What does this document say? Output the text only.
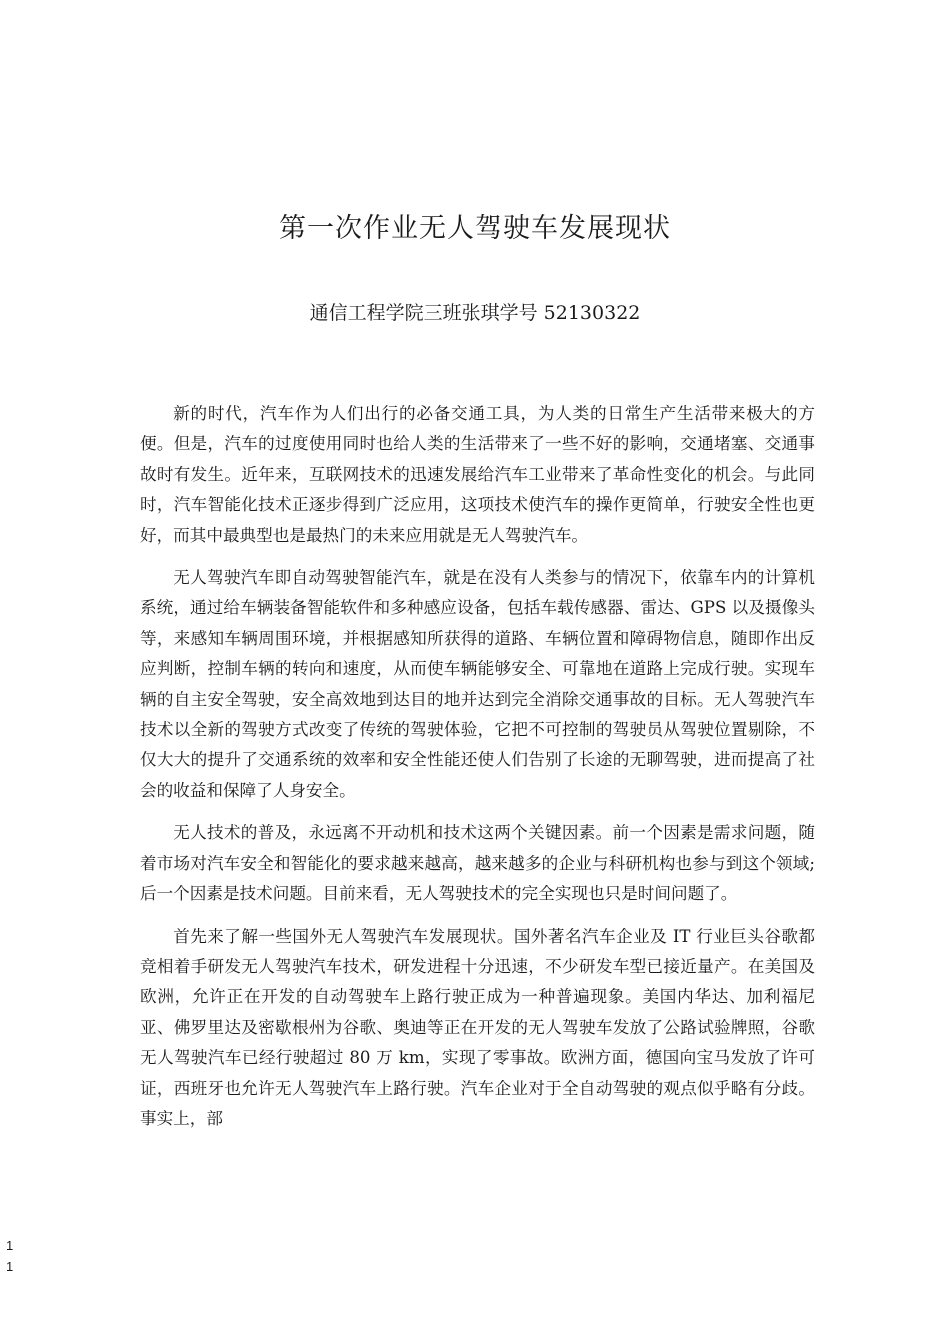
第一次作业无人驾驶车发展现状
通信工程学院三班张琪学号 52130322

新的时代，汽车作为人们出行的必备交通工具，为人类的日常生产生活带来极大的方便。但是，汽车的过度使用同时也给人类的生活带来了一些不好的影响，交通堵塞、交通事故时有发生。近年来，互联网技术的迅速发展给汽车工业带来了革命性变化的机会。与此同时，汽车智能化技术正逐步得到广泛应用，这项技术使汽车的操作更简单，行驶安全性也更好，而其中最典型也是最热门的未来应用就是无人驾驶汽车。

无人驾驶汽车即自动驾驶智能汽车，就是在没有人类参与的情况下，依靠车内的计算机系统，通过给车辆装备智能软件和多种感应设备，包括车载传感器、雷达、GPS 以及摄像头等，来感知车辆周围环境，并根据感知所获得的道路、车辆位置和障碍物信息，随即作出反应判断，控制车辆的转向和速度，从而使车辆能够安全、可靠地在道路上完成行驶。实现车辆的自主安全驾驶，安全高效地到达目的地并达到完全消除交通事故的目标。无人驾驶汽车技术以全新的驾驶方式改变了传统的驾驶体验，它把不可控制的驾驶员从驾驶位置剔除，不仅大大的提升了交通系统的效率和安全性能还使人们告别了长途的无聊驾驶，进而提高了社会的收益和保障了人身安全。

无人技术的普及，永远离不开动机和技术这两个关键因素。前一个因素是需求问题，随着市场对汽车安全和智能化的要求越来越高，越来越多的企业与科研机构也参与到这个领域;后一个因素是技术问题。目前来看，无人驾驶技术的完全实现也只是时间问题了。

首先来了解一些国外无人驾驶汽车发展现状。国外著名汽车企业及 IT 行业巨头谷歌都竞相着手研发无人驾驶汽车技术，研发进程十分迅速，不少研发车型已接近量产。在美国及欧洲，允许正在开发的自动驾驶车上路行驶正成为一种普遍现象。美国内华达、加利福尼亚、佛罗里达及密歇根州为谷歌、奥迪等正在开发的无人驾驶车发放了公路试验牌照，谷歌无人驾驶汽车已经行驶超过 80 万 km，实现了零事故。欧洲方面，德国向宝马发放了许可证，西班牙也允许无人驾驶汽车上路行驶。汽车企业对于全自动驾驶的观点似乎略有分歧。事实上，部

1
1
